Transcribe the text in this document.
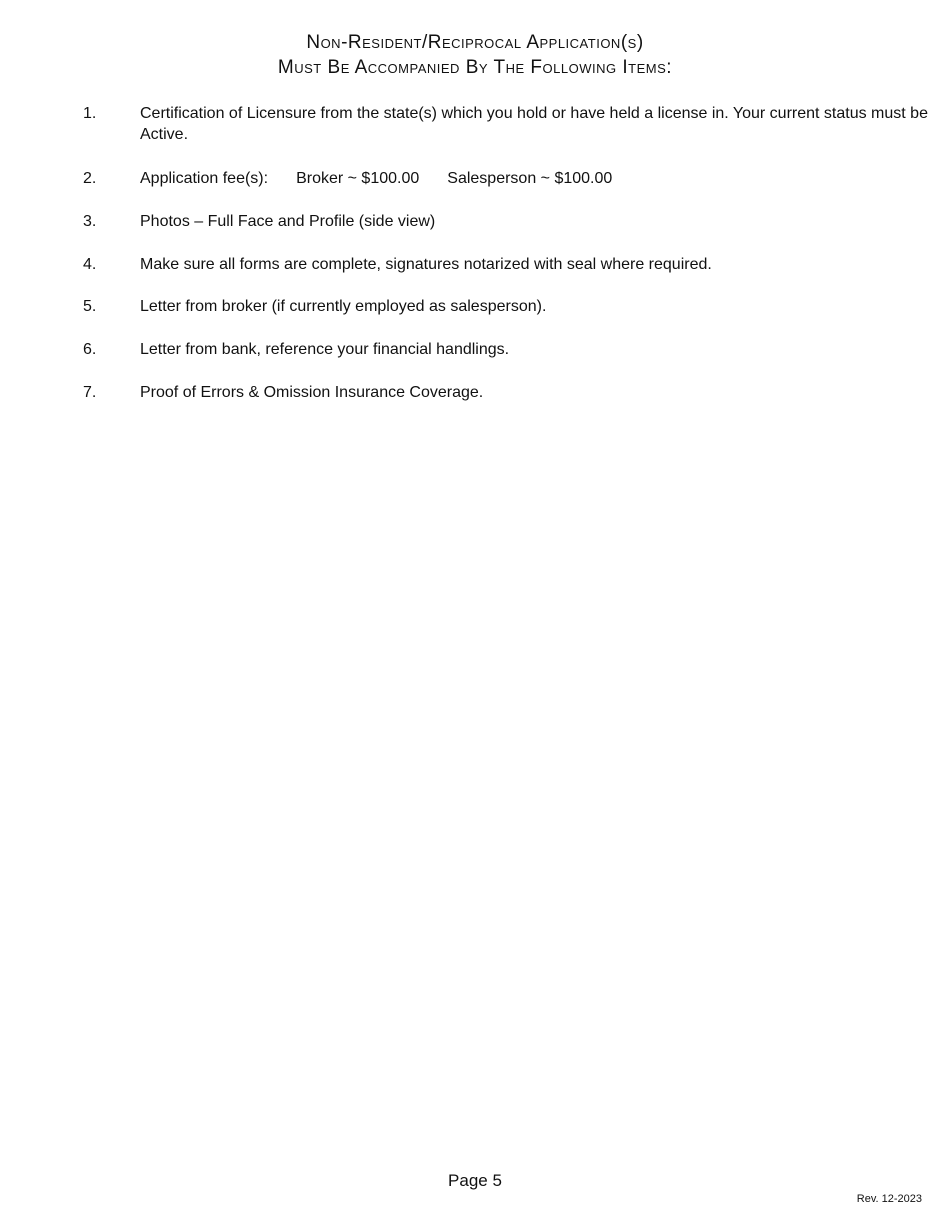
Non-Resident/Reciprocal Application(s)
Must Be Accompanied By The Following Items:
1.	Certification of Licensure from the state(s) which you hold or have held a license in. Your current status must be Active.
2.	Application fee(s): Broker ~ $100.00 Salesperson ~ $100.00
3.	Photos – Full Face and Profile (side view)
4.	Make sure all forms are complete, signatures notarized with seal where required.
5.	Letter from broker (if currently employed as salesperson).
6.	Letter from bank, reference your financial handlings.
7.	Proof of Errors & Omission Insurance Coverage.
Page 5
Rev. 12-2023
